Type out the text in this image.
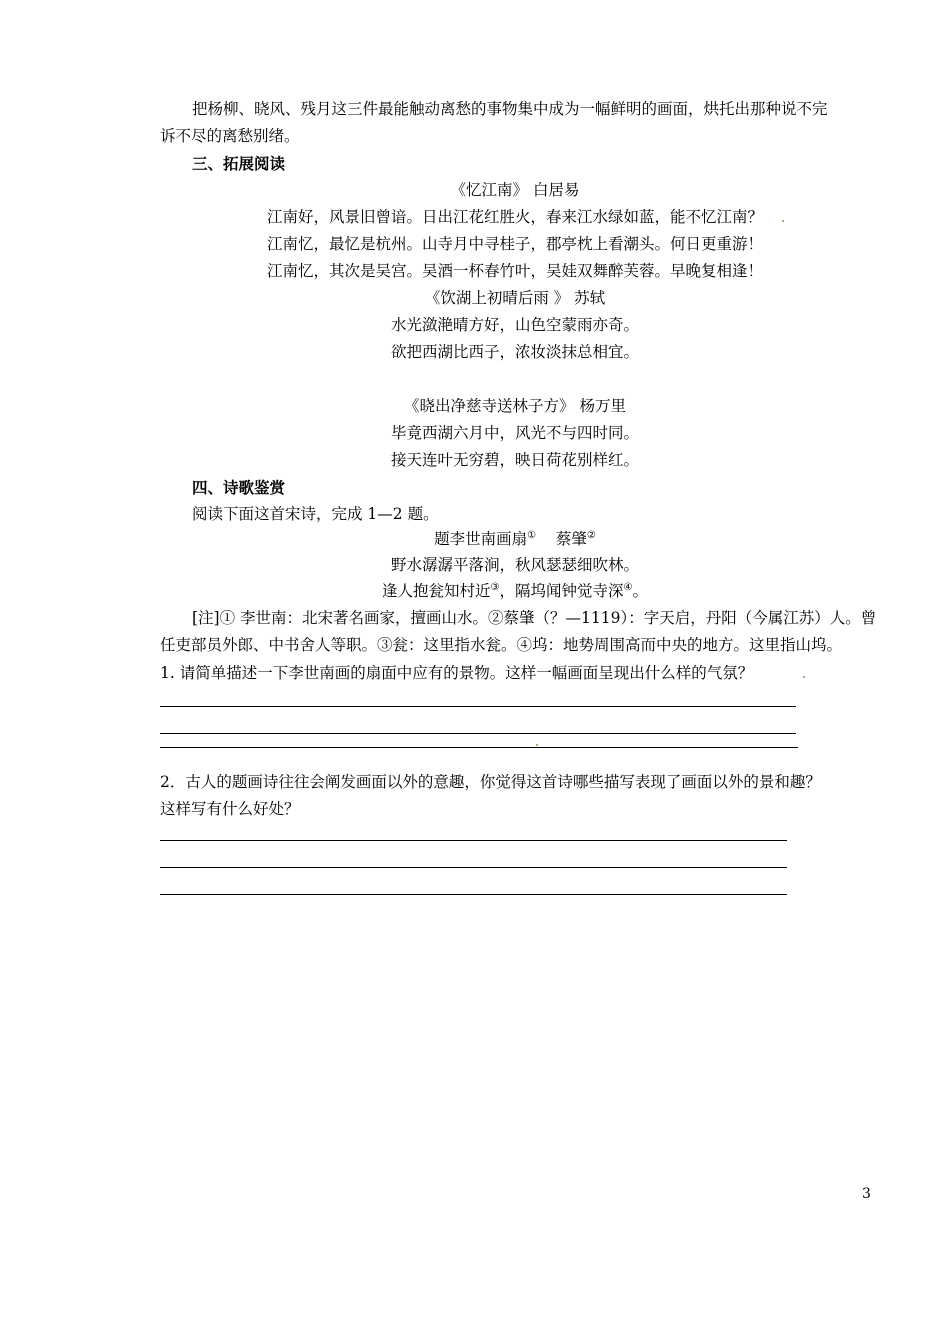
把杨柳、晓风、残月这三件最能触动离愁的事物集中成为一幅鲜明的画面，烘托出那种说不完
诉不尽的离愁别绪。
三、拓展阅读
《忆江南》 白居易
江南好，风景旧曾谙。日出江花红胜火，春来江水绿如蓝，能不忆江南？
江南忆，最忆是杭州。山寺月中寻桂子，郡亭枕上看潮头。何日更重游！
江南忆，其次是吴宫。吴酒一杯春竹叶，吴娃双舞醉芙蓉。早晚复相逢！
《饮湖上初晴后雨 》 苏轼
水光潋滟晴方好，山色空蒙雨亦奇。
欲把西湖比西子，浓妆淡抹总相宜。
《晓出净慈寺送林子方》 杨万里
毕竟西湖六月中，风光不与四时同。
接天连叶无穷碧，映日荷花别样红。
四、诗歌鉴赏
阅读下面这首宋诗，完成 1—2 题。
题李世南画扇① 蔡肇②
野水潺潺平落涧，秋风瑟瑟细吹林。
逢人抱瓮知村近③，隔坞闻钟觉寺深④。
[注]① 李世南：北宋著名画家，擅画山水。②蔡肇（？—1119）：字天启，丹阳（今属江苏）人。曾
任吏部员外郎、中书舍人等职。③瓮：这里指水瓮。④坞：地势周围高而中央的地方。这里指山坞。
1. 请简单描述一下李世南画的扇面中应有的景物。这样一幅画面呈现出什么样的气氛？
2．古人的题画诗往往会阐发画面以外的意趣，你觉得这首诗哪些描写表现了画面以外的景和趣？
这样写有什么好处？
3
